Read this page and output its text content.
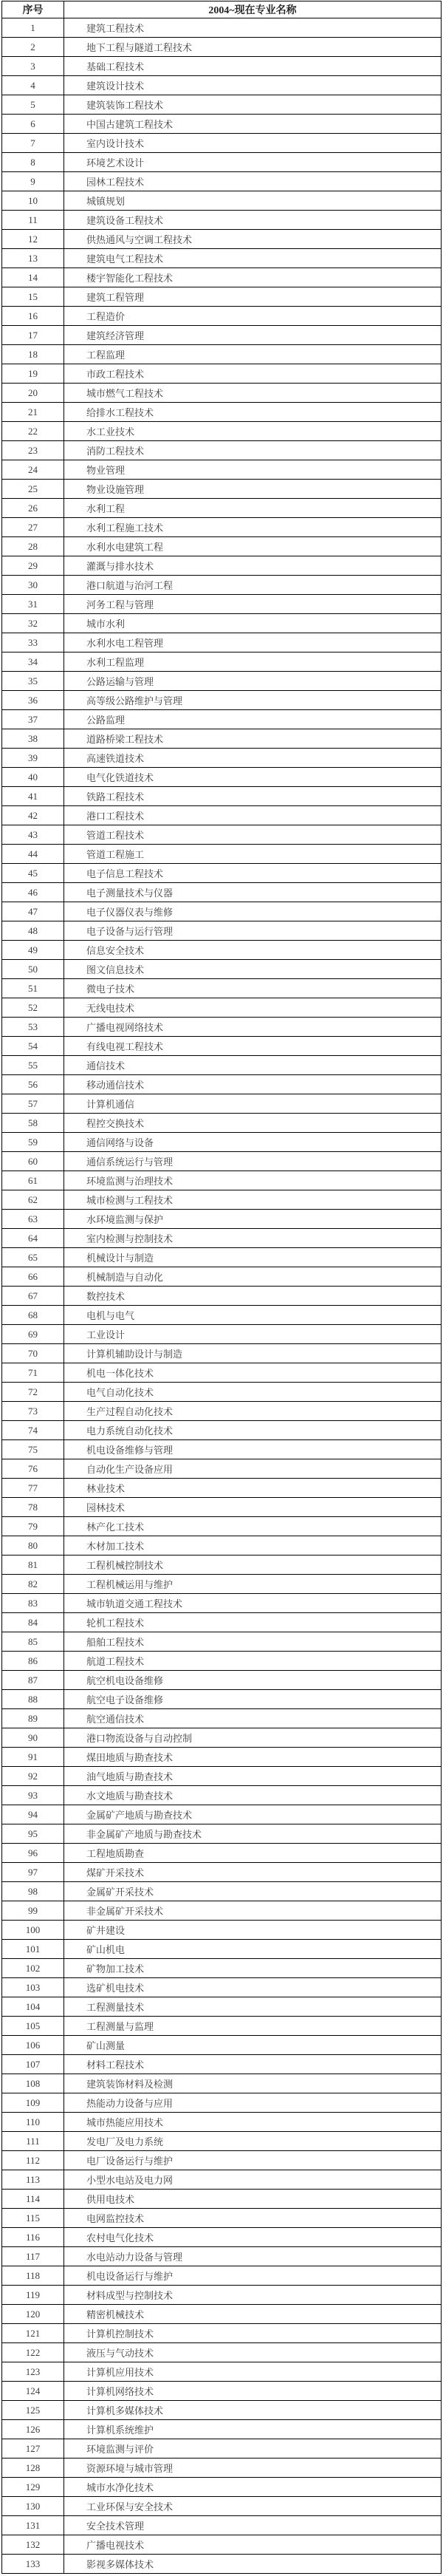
序号	2004~现在专业名称
1	建筑工程技术
2	地下工程与隧道工程技术
3	基础工程技术
4	建筑设计技术
5	建筑装饰工程技术
6	中国古建筑工程技术
7	室内设计技术
8	环境艺术设计
9	园林工程技术
10	城镇规划
11	建筑设备工程技术
12	供热通风与空调工程技术
13	建筑电气工程技术
14	楼宇智能化工程技术
15	建筑工程管理
16	工程造价
17	建筑经济管理
18	工程监理
19	市政工程技术
20	城市燃气工程技术
21	给排水工程技术
22	水工业技术
23	消防工程技术
24	物业管理
25	物业设施管理
26	水利工程
27	水利工程施工技术
28	水利水电建筑工程
29	灌溉与排水技术
30	港口航道与治河工程
31	河务工程与管理
32	城市水利
33	水利水电工程管理
34	水利工程监理
35	公路运输与管理
36	高等级公路维护与管理
37	公路监理
38	道路桥梁工程技术
39	高速铁道技术
40	电气化铁道技术
41	铁路工程技术
42	港口工程技术
43	管道工程技术
44	管道工程施工
45	电子信息工程技术
46	电子测量技术与仪器
47	电子仪器仪表与维修
48	电子设备与运行管理
49	信息安全技术
50	图文信息技术
51	微电子技术
52	无线电技术
53	广播电视网络技术
54	有线电视工程技术
55	通信技术
56	移动通信技术
57	计算机通信
58	程控交换技术
59	通信网络与设备
60	通信系统运行与管理
61	环境监测与治理技术
62	城市检测与工程技术
63	水环境监测与保护
64	室内检测与控制技术
65	机械设计与制造
66	机械制造与自动化
67	数控技术
68	电机与电气
69	工业设计
70	计算机辅助设计与制造
71	机电一体化技术
72	电气自动化技术
73	生产过程自动化技术
74	电力系统自动化技术
75	机电设备维修与管理
76	自动化生产设备应用
77	林业技术
78	园林技术
79	林产化工技术
80	木材加工技术
81	工程机械控制技术
82	工程机械运用与维护
83	城市轨道交通工程技术
84	轮机工程技术
85	船舶工程技术
86	航道工程技术
87	航空机电设备维修
88	航空电子设备维修
89	航空通信技术
90	港口物流设备与自动控制
91	煤田地质与勘查技术
92	油气地质与勘查技术
93	水文地质与勘查技术
94	金属矿产地质与勘查技术
95	非金属矿产地质与勘查技术
96	工程地质勘查
97	煤矿开采技术
98	金属矿开采技术
99	非金属矿开采技术
100	矿井建设
101	矿山机电
102	矿物加工技术
103	选矿机电技术
104	工程测量技术
105	工程测量与监理
106	矿山测量
107	材料工程技术
108	建筑装饰材料及检测
109	热能动力设备与应用
110	城市热能应用技术
111	发电厂及电力系统
112	电厂设备运行与维护
113	小型水电站及电力网
114	供用电技术
115	电网监控技术
116	农村电气化技术
117	水电站动力设备与管理
118	机电设备运行与维护
119	材料成型与控制技术
120	精密机械技术
121	计算机控制技术
122	液压与气动技术
123	计算机应用技术
124	计算机网络技术
125	计算机多媒体技术
126	计算机系统维护
127	环境监测与评价
128	资源环境与城市管理
129	城市水净化技术
130	工业环保与安全技术
131	安全技术管理
132	广播电视技术
133	影视多媒体技术
